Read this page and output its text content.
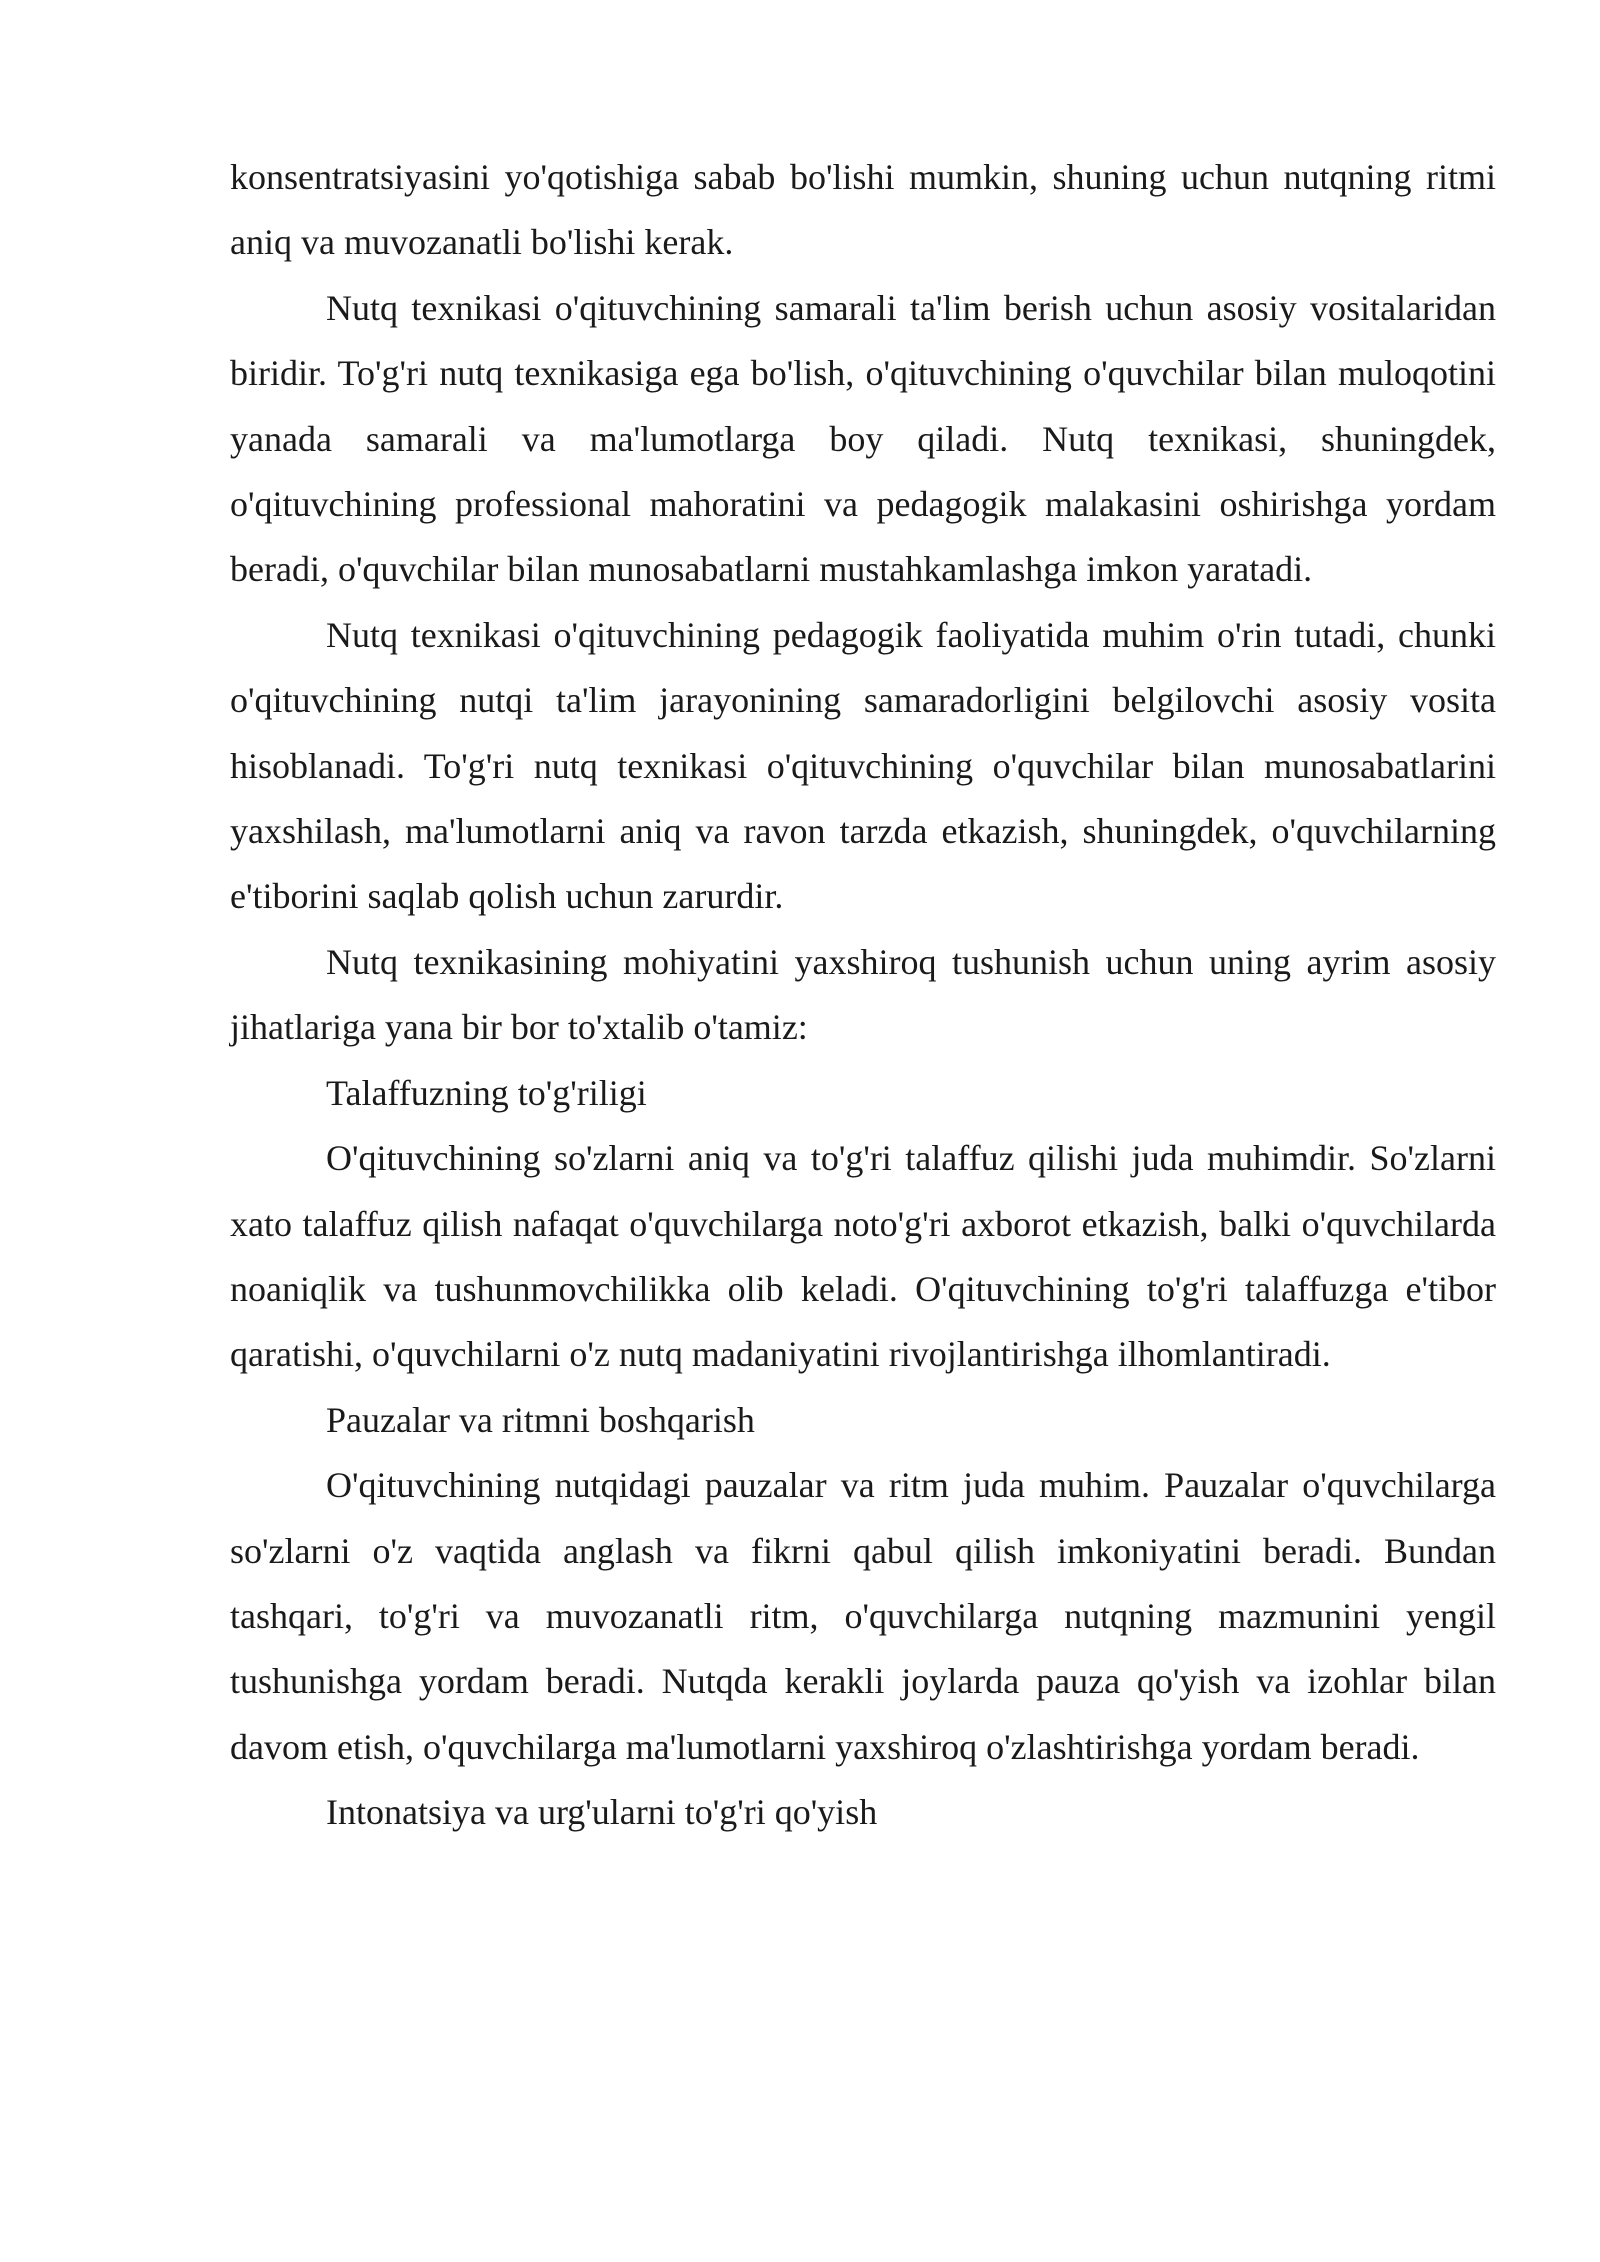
konsentratsiyasini yo'qotishiga sabab bo'lishi mumkin, shuning uchun nutqning ritmi aniq va muvozanatli bo'lishi kerak.

Nutq texnikasi o'qituvchining samarali ta'lim berish uchun asosiy vositalaridan biridir. To'g'ri nutq texnikasiga ega bo'lish, o'qituvchining o'quvchilar bilan muloqotini yanada samarali va ma'lumotlarga boy qiladi. Nutq texnikasi, shuningdek, o'qituvchining professional mahoratini va pedagogik malakasini oshirishga yordam beradi, o'quvchilar bilan munosabatlarni mustahkamlashga imkon yaratadi.

Nutq texnikasi o'qituvchining pedagogik faoliyatida muhim o'rin tutadi, chunki o'qituvchining nutqi ta'lim jarayonining samaradorligini belgilovchi asosiy vosita hisoblanadi. To'g'ri nutq texnikasi o'qituvchining o'quvchilar bilan munosabatlarini yaxshilash, ma'lumotlarni aniq va ravon tarzda etkazish, shuningdek, o'quvchilarning e'tiborini saqlab qolish uchun zarurdir.

Nutq texnikasining mohiyatini yaxshiroq tushunish uchun uning ayrim asosiy jihatlariga yana bir bor to'xtalib o'tamiz:

Talaffuzning to'g'riligi

O'qituvchining so'zlarni aniq va to'g'ri talaffuz qilishi juda muhimdir. So'zlarni xato talaffuz qilish nafaqat o'quvchilarga noto'g'ri axborot etkazish, balki o'quvchilarda noaniqlik va tushunmovchilikka olib keladi. O'qituvchining to'g'ri talaffuzga e'tibor qaratishi, o'quvchilarni o'z nutq madaniyatini rivojlantirishga ilhomlantiradi.

Pauzalar va ritmni boshqarish

O'qituvchining nutqidagi pauzalar va ritm juda muhim. Pauzalar o'quvchilarga so'zlarni o'z vaqtida anglash va fikrni qabul qilish imkoniyatini beradi. Bundan tashqari, to'g'ri va muvozanatli ritm, o'quvchilarga nutqning mazmunini yengil tushunishga yordam beradi. Nutqda kerakli joylarda pauza qo'yish va izohlar bilan davom etish, o'quvchilarga ma'lumotlarni yaxshiroq o'zlashtirishga yordam beradi.

Intonatsiya va urg'ularni to'g'ri qo'yish
